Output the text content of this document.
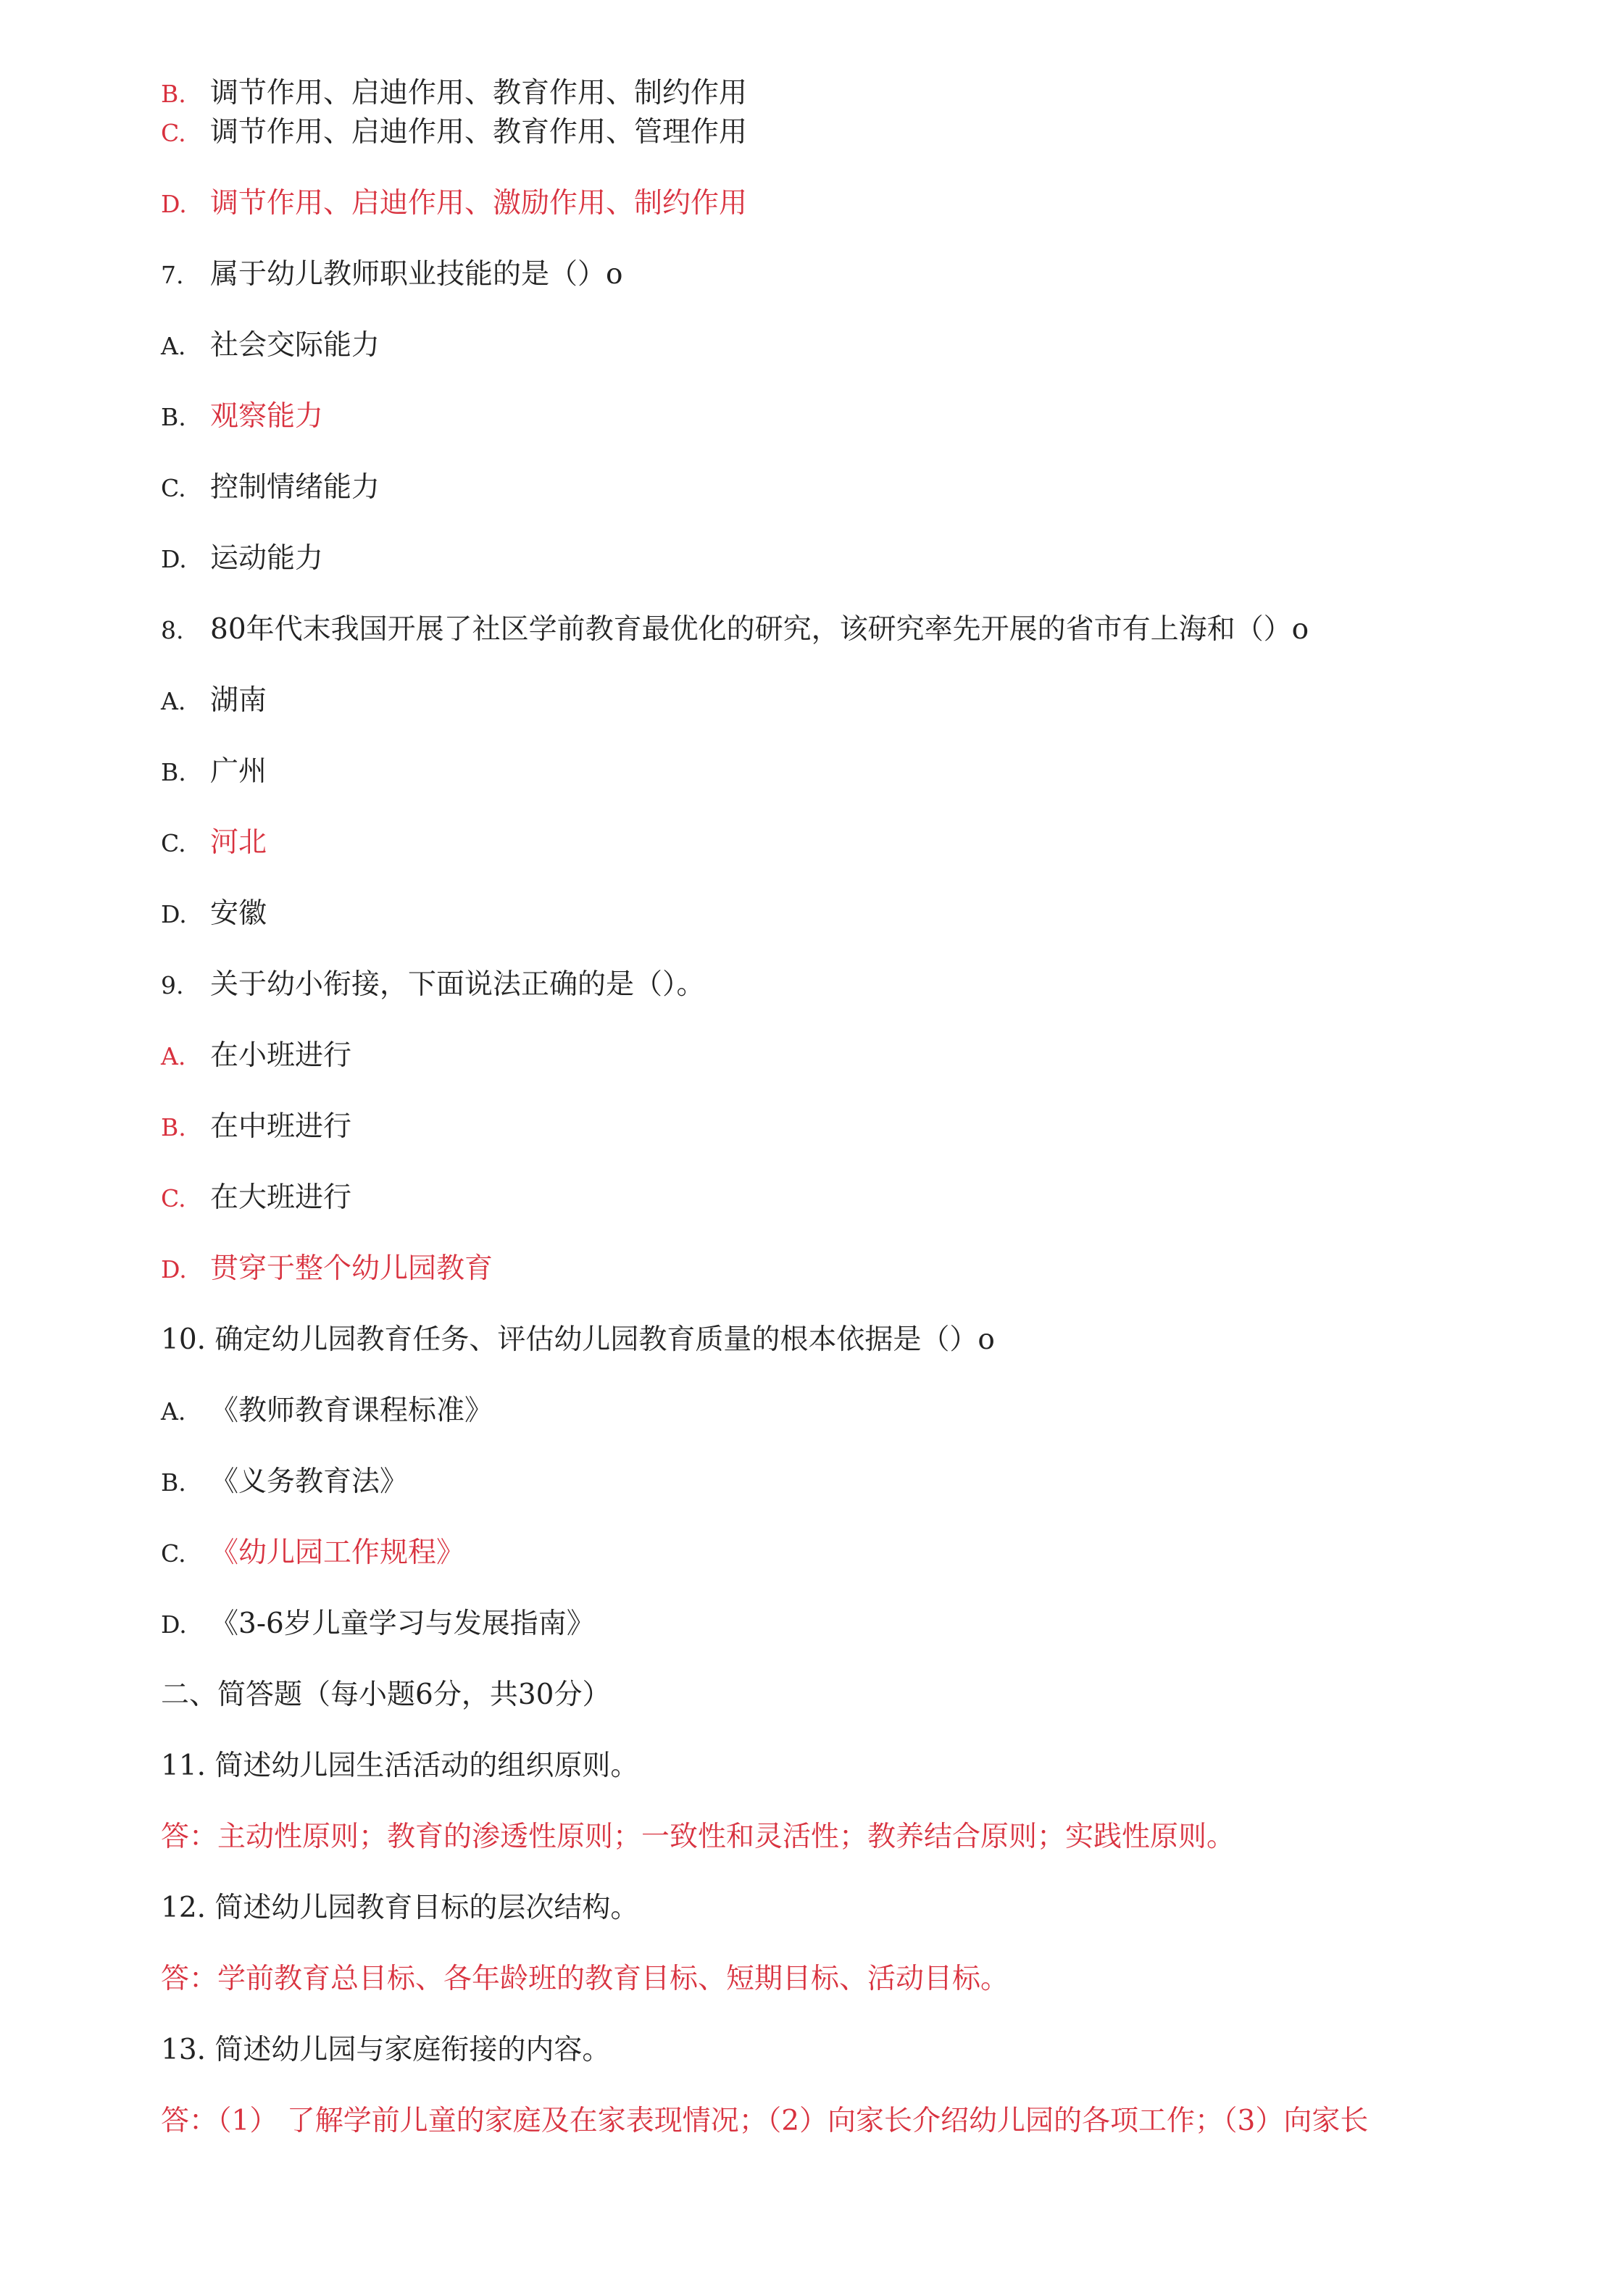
B. 调节作用、启迪作用、教育作用、制约作用
C. 调节作用、启迪作用、教育作用、管理作用
D. 调节作用、启迪作用、激励作用、制约作用
7. 属于幼儿教师职业技能的是（）o
A. 社会交际能力
B. 观察能力
C. 控制情绪能力
D. 运动能力
8. 80年代末我国开展了社区学前教育最优化的研究，该研究率先开展的省市有上海和（）o
A. 湖南
B. 广州
C. 河北
D. 安徽
9. 关于幼小衔接，下面说法正确的是（）。
A. 在小班进行
B. 在中班进行
C. 在大班进行
D. 贯穿于整个幼儿园教育
10. 确定幼儿园教育任务、评估幼儿园教育质量的根本依据是（）o
A. 《教师教育课程标准》
B. 《义务教育法》
C. 《幼儿园工作规程》
D. 《3-6岁儿童学习与发展指南》
二、简答题（每小题6分，共30分）
11. 简述幼儿园生活活动的组织原则。
答：主动性原则；教育的渗透性原则；一致性和灵活性；教养结合原则；实践性原则。
12. 简述幼儿园教育目标的层次结构。
答：学前教育总目标、各年龄班的教育目标、短期目标、活动目标。
13. 简述幼儿园与家庭衔接的内容。
答：（1） 了解学前儿童的家庭及在家表现情况；（2）向家长介绍幼儿园的各项工作；（3）向家长
